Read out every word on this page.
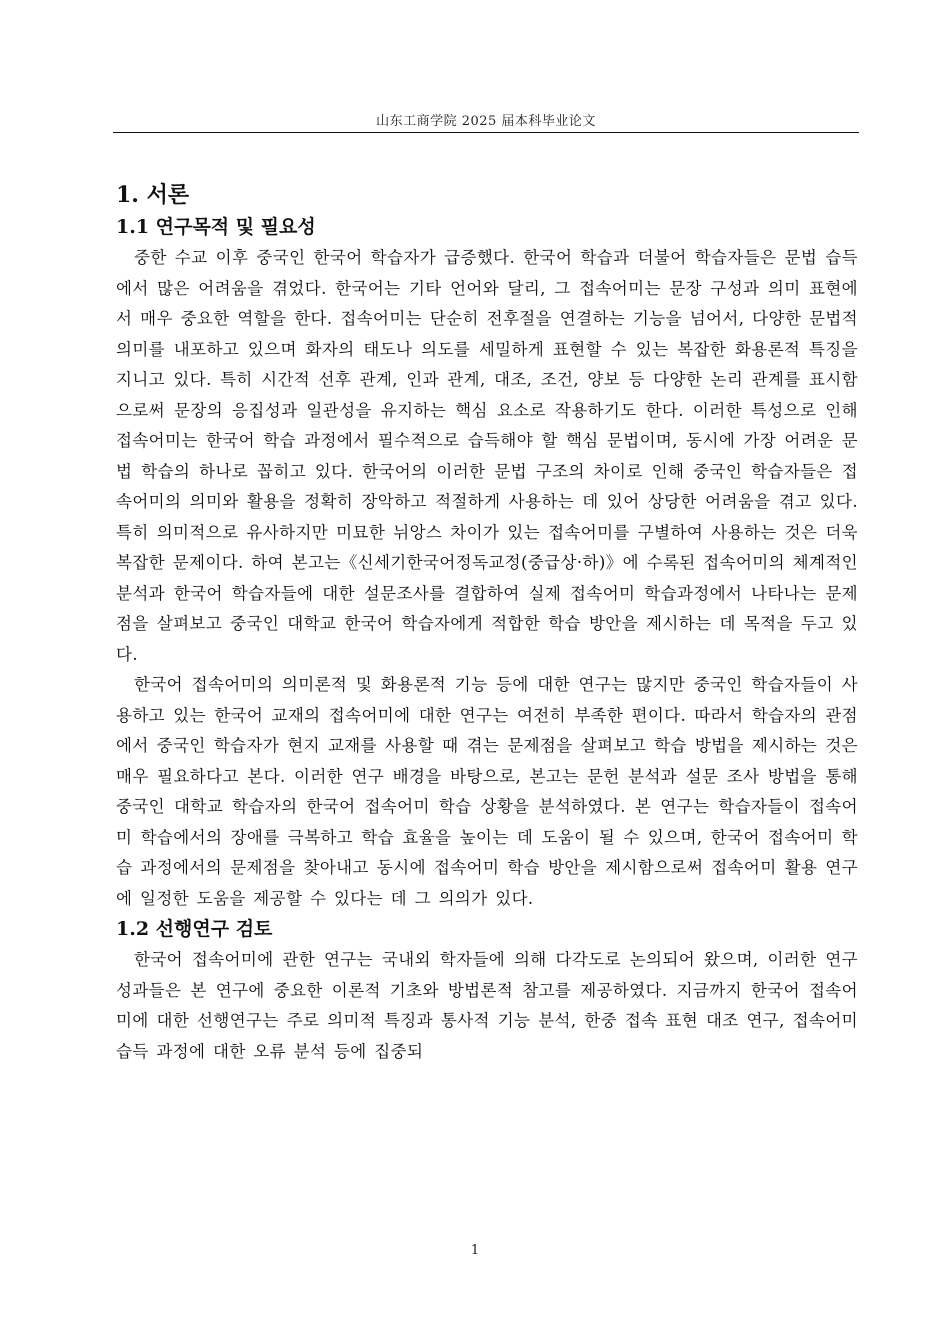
山东工商学院 2025 届本科毕业论文
1. 서론
1.1 연구목적 및 필요성

중한 수교 이후 중국인 한국어 학습자가 급증했다. 한국어 학습과 더불어 학습자들은 문법 습득에서 많은 어려움을 겪었다. 한국어는 기타 언어와 달리, 그 접속어미는 문장 구성과 의미 표현에서 매우 중요한 역할을 한다. 접속어미는 단순히 전후절을 연결하는 기능을 넘어서, 다양한 문법적 의미를 내포하고 있으며 화자의 태도나 의도를 세밀하게 표현할 수 있는 복잡한 화용론적 특징을 지니고 있다. 특히 시간적 선후 관계, 인과 관계, 대조, 조건, 양보 등 다양한 논리 관계를 표시함으로써 문장의 응집성과 일관성을 유지하는 핵심 요소로 작용하기도 한다. 이러한 특성으로 인해 접속어미는 한국어 학습 과정에서 필수적으로 습득해야 할 핵심 문법이며, 동시에 가장 어려운 문법 학습의 하나로 꼽히고 있다. 한국어의 이러한 문법 구조의 차이로 인해 중국인 학습자들은 접속어미의 의미와 활용을 정확히 장악하고 적절하게 사용하는 데 있어 상당한 어려움을 겪고 있다. 특히 의미적으로 유사하지만 미묘한 뉘앙스 차이가 있는 접속어미를 구별하여 사용하는 것은 더욱 복잡한 문제이다. 하여 본고는《신세기한국어정독교정(중급상·하)》에 수록된 접속어미의 체계적인 분석과 한국어 학습자들에 대한 설문조사를 결합하여 실제 접속어미 학습과정에서 나타나는 문제점을 살펴보고 중국인 대학교 한국어 학습자에게 적합한 학습 방안을 제시하는 데 목적을 두고 있다.

한국어 접속어미의 의미론적 및 화용론적 기능 등에 대한 연구는 많지만 중국인 학습자들이 사용하고 있는 한국어 교재의 접속어미에 대한 연구는 여전히 부족한 편이다. 따라서 학습자의 관점에서 중국인 학습자가 현지 교재를 사용할 때 겪는 문제점을 살펴보고 학습 방법을 제시하는 것은 매우 필요하다고 본다. 이러한 연구 배경을 바탕으로, 본고는 문헌 분석과 설문 조사 방법을 통해 중국인 대학교 학습자의 한국어 접속어미 학습 상황을 분석하였다. 본 연구는 학습자들이 접속어미 학습에서의 장애를 극복하고 학습 효율을 높이는 데 도움이 될 수 있으며, 한국어 접속어미 학습 과정에서의 문제점을 찾아내고 동시에 접속어미 학습 방안을 제시함으로써 접속어미 활용 연구에 일정한 도움을 제공할 수 있다는 데 그 의의가 있다.

1.2 선행연구 검토

한국어 접속어미에 관한 연구는 국내외 학자들에 의해 다각도로 논의되어 왔으며, 이러한 연구성과들은 본 연구에 중요한 이론적 기초와 방법론적 참고를 제공하였다. 지금까지 한국어 접속어미에 대한 선행연구는 주로 의미적 특징과 통사적 기능 분석, 한중 접속 표현 대조 연구, 접속어미 습득 과정에 대한 오류 분석 등에 집중되

1
